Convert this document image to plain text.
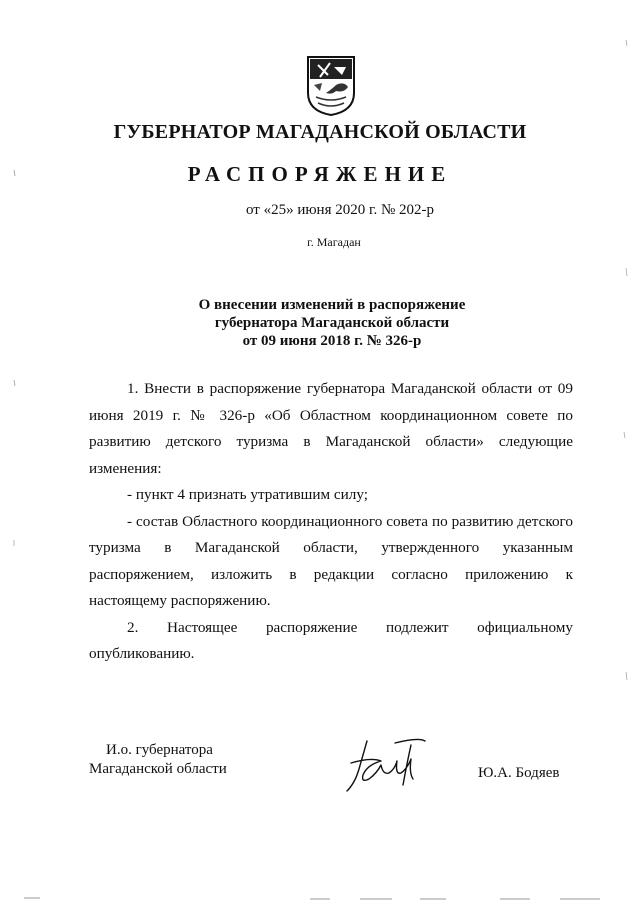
ГУБЕРНАТОР МАГАДАНСКОЙ ОБЛАСТИ
РАСПОРЯЖЕНИЕ
от «25» июня 2020 г. № 202-р
г. Магадан
О внесении изменений в распоряжение
губернатора Магаданской области
от 09 июня 2018 г. № 326-р

1. Внести в распоряжение губернатора Магаданской области от 09 июня 2019 г. № 326-р «Об Областном координационном совете по развитию детского туризма в Магаданской области» следующие изменения:

- пункт 4 признать утратившим силу;

- состав Областного координационного совета по развитию детского туризма в Магаданской области, утвержденного указанным распоряжением, изложить в редакции согласно приложению к настоящему распоряжению.

2. Настоящее распоряжение подлежит официальному опубликованию.

И.о. губернатора
Магаданской области	Ю.А. Бодяев
